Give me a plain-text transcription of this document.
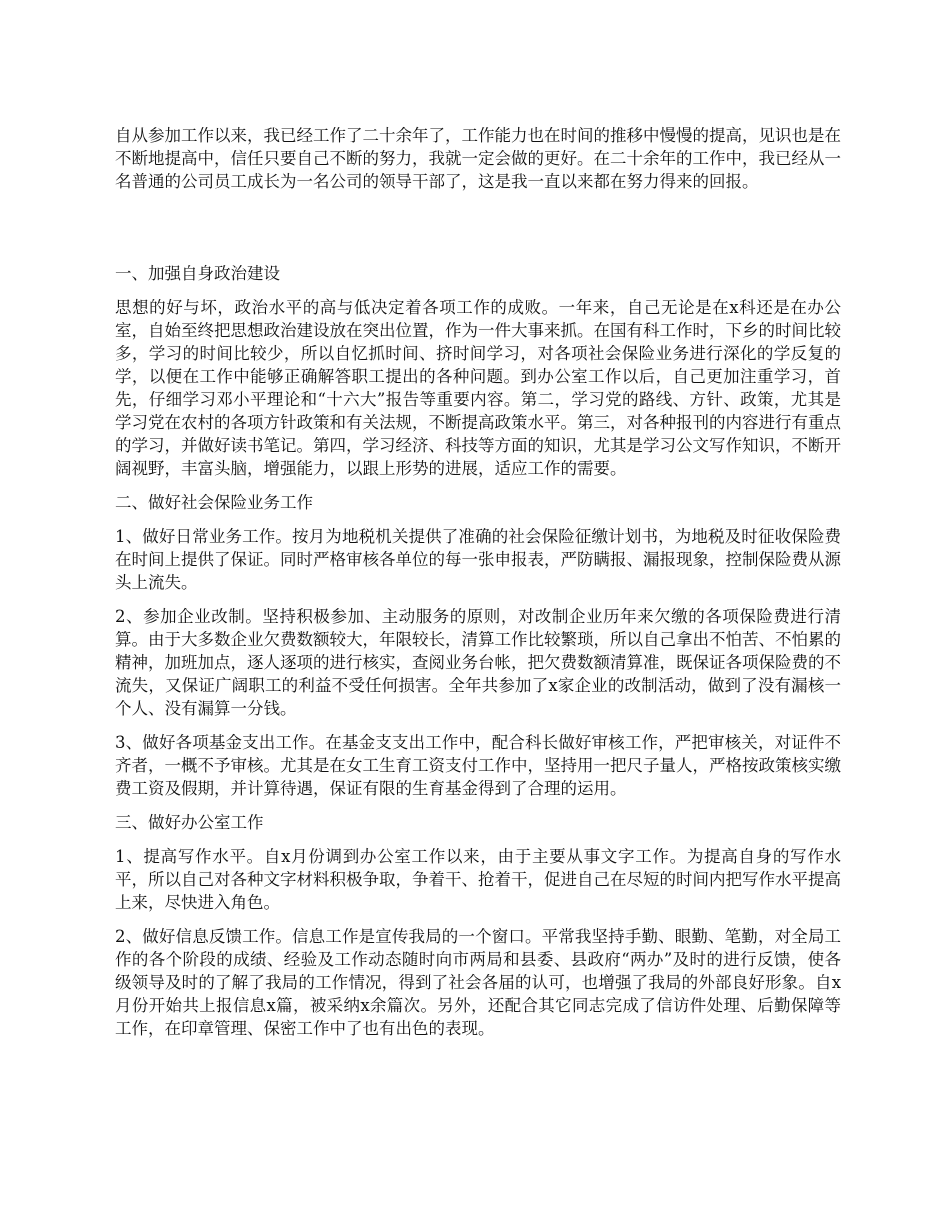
自从参加工作以来，我已经工作了二十余年了，工作能力也在时间的推移中慢慢的提高，见识也是在不断地提高中，信任只要自己不断的努力，我就一定会做的更好。在二十余年的工作中，我已经从一名普通的公司员工成长为一名公司的领导干部了，这是我一直以来都在努力得来的回报。

一、加强自身政治建设

思想的好与坏，政治水平的高与低决定着各项工作的成败。一年来，自己无论是在x科还是在办公室，自始至终把思想政治建设放在突出位置，作为一件大事来抓。在国有科工作时，下乡的时间比较多，学习的时间比较少，所以自忆抓时间、挤时间学习，对各项社会保险业务进行深化的学反复的学，以便在工作中能够正确解答职工提出的各种问题。到办公室工作以后，自己更加注重学习，首先，仔细学习邓小平理论和“十六大”报告等重要内容。第二，学习党的路线、方针、政策，尤其是学习党在农村的各项方针政策和有关法规，不断提高政策水平。第三，对各种报刊的内容进行有重点的学习，并做好读书笔记。第四，学习经济、科技等方面的知识，尤其是学习公文写作知识，不断开阔视野，丰富头脑，增强能力，以跟上形势的进展，适应工作的需要。

二、做好社会保险业务工作

1、做好日常业务工作。按月为地税机关提供了准确的社会保险征缴计划书，为地税及时征收保险费在时间上提供了保证。同时严格审核各单位的每一张申报表，严防瞒报、漏报现象，控制保险费从源头上流失。

2、参加企业改制。坚持积极参加、主动服务的原则，对改制企业历年来欠缴的各项保险费进行清算。由于大多数企业欠费数额较大，年限较长，清算工作比较繁琐，所以自己拿出不怕苦、不怕累的精神，加班加点，逐人逐项的进行核实，查阅业务台帐，把欠费数额清算准，既保证各项保险费的不流失，又保证广阔职工的利益不受任何损害。全年共参加了x家企业的改制活动，做到了没有漏核一个人、没有漏算一分钱。

3、做好各项基金支出工作。在基金支支出工作中，配合科长做好审核工作，严把审核关，对证件不齐者，一概不予审核。尤其是在女工生育工资支付工作中，坚持用一把尺子量人，严格按政策核实缴费工资及假期，并计算待遇，保证有限的生育基金得到了合理的运用。

三、做好办公室工作

1、提高写作水平。自x月份调到办公室工作以来，由于主要从事文字工作。为提高自身的写作水平，所以自己对各种文字材料积极争取，争着干、抢着干，促进自己在尽短的时间内把写作水平提高上来，尽快进入角色。

2、做好信息反馈工作。信息工作是宣传我局的一个窗口。平常我坚持手勤、眼勤、笔勤，对全局工作的各个阶段的成绩、经验及工作动态随时向市两局和县委、县政府“两办”及时的进行反馈，使各级领导及时的了解了我局的工作情况，得到了社会各届的认可，也增强了我局的外部良好形象。自x月份开始共上报信息x篇，被采纳x余篇次。另外，还配合其它同志完成了信访件处理、后勤保障等工作，在印章管理、保密工作中了也有出色的表现。
